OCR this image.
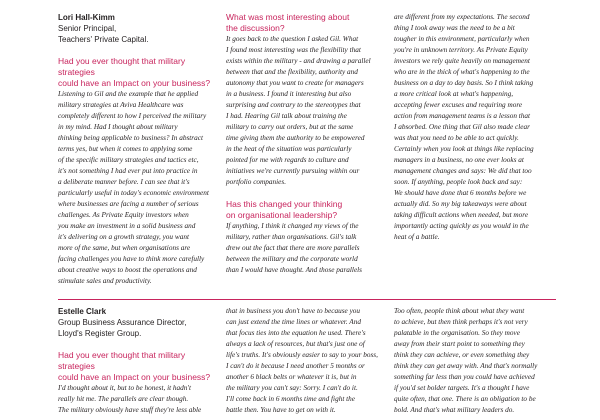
Lori Hall-Kimm

Senior Principal,

Teachers' Private Capital.

Had you ever thought that military strategies

could have an Impact on your business?

Listening to Gil and the example that he applied

military strategies at Aviva Healthcare was

completely different to how I perceived the military

in my mind. Had I thought about military

thinking being applicable to business? In abstract

terms yes, but when it comes to applying some

of the specific military strategies and tactics etc,

it's not something I had ever put into practice in

a deliberate manner before. I can see that it's

particularly useful in today's economic environment

where businesses are facing a number of serious

challenges. As Private Equity investors when

you make an investment in a solid business and

it's delivering on a growth strategy, you want

more of the same, but when organisations are

facing challenges you have to think more carefully

about creative ways to boost the operations and

stimulate sales and productivity.

What was most interesting about

the discussion?

It goes back to the question I asked Gil. What

I found most interesting was the flexibility that

exists within the military - and drawing a parallel

between that and the flexibility, authority and

autonomy that you want to create for managers

in a business. I found it interesting but also

surprising and contrary to the stereotypes that

I had. Hearing Gil talk about training the

military to carry out orders, but at the same

time giving them the authority to be empowered

in the heat of the situation was particularly

pointed for me with regards to culture and

initiatives we're currently pursuing within our

portfolio companies.

Has this changed your thinking

on organisational leadership?

If anything, I think it changed my views of the

military, rather than organisations. Gil's talk

drew out the fact that there are more parallels

between the military and the corporate world

than I would have thought. And those parallels

are different from my expectations. The second

thing I took away was the need to be a bit

tougher in this environment, particularly when

you're in unknown territory. As Private Equity

investors we rely quite heavily on management

who are in the thick of what's happening to the

business on a day to day basis. So I think taking

a more critical look at what's happening,

accepting fewer excuses and requiring more

action from management teams is a lesson that

I absorbed. One thing that Gil also made clear

was that you need to be able to act quickly.

Certainly when you look at things like replacing

managers in a business, no one ever looks at

management changes and says: We did that too

soon. If anything, people look back and say:

We should have done that 6 months before we

actually did. So my big takeaways were about

taking difficult actions when needed, but more

importantly acting quickly as you would in the

heat of a battle.

Estelle Clark

Group Business Assurance Director,

Lloyd's Register Group.

Had you ever thought that military strategies

could have an Impact on your business?

I'd thought about it, but to be honest, it hadn't

really hit me. The parallels are clear though.

The military obviously have stuff they're less able

that in business you don't have to because you

can just extend the time lines or whatever. And

that focus ties into the equation he used. There's

always a lack of resources, but that's just one of

life's truths. It's obviously easier to say to your boss,

I can't do it because I need another 5 months or

another 6 black belts or whatever it is, but in

the military you can't say: Sorry. I can't do it.

I'll come back in 6 months time and fight the

battle then. You have to get on with it.

Too often, people think about what they want

to achieve, but then think perhaps it's not very

palatable in the organisation. So they move

away from their start point to something they

think they can achieve, or even something they

think they can get away with. And that's normally

something far less than you could have achieved

if you'd set bolder targets. It's a thought I have

quite often, that one. There is an obligation to be

bold. And that's what military leaders do.
